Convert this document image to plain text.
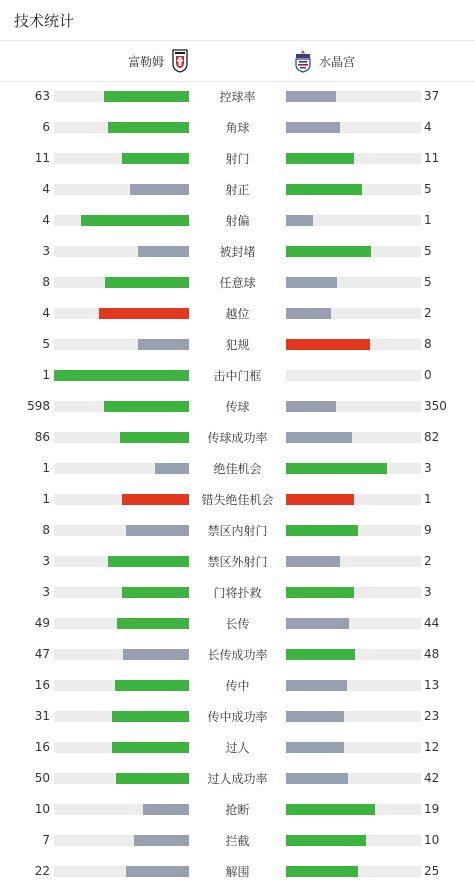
技术统计
富勒姆	水晶宫
63	控球率	37
6	角球	4
11	射门	11
4	射正	5
4	射偏	1
3	被封堵	5
8	任意球	5
4	越位	2
5	犯规	8
1	击中门框	0
598	传球	350
86	传球成功率	82
1	绝佳机会	3
1	错失绝佳机会	1
8	禁区内射门	9
3	禁区外射门	2
3	门将扑救	3
49	长传	44
47	长传成功率	48
16	传中	13
31	传中成功率	23
16	过人	12
50	过人成功率	42
10	抢断	19
7	拦截	10
22	解围	25
